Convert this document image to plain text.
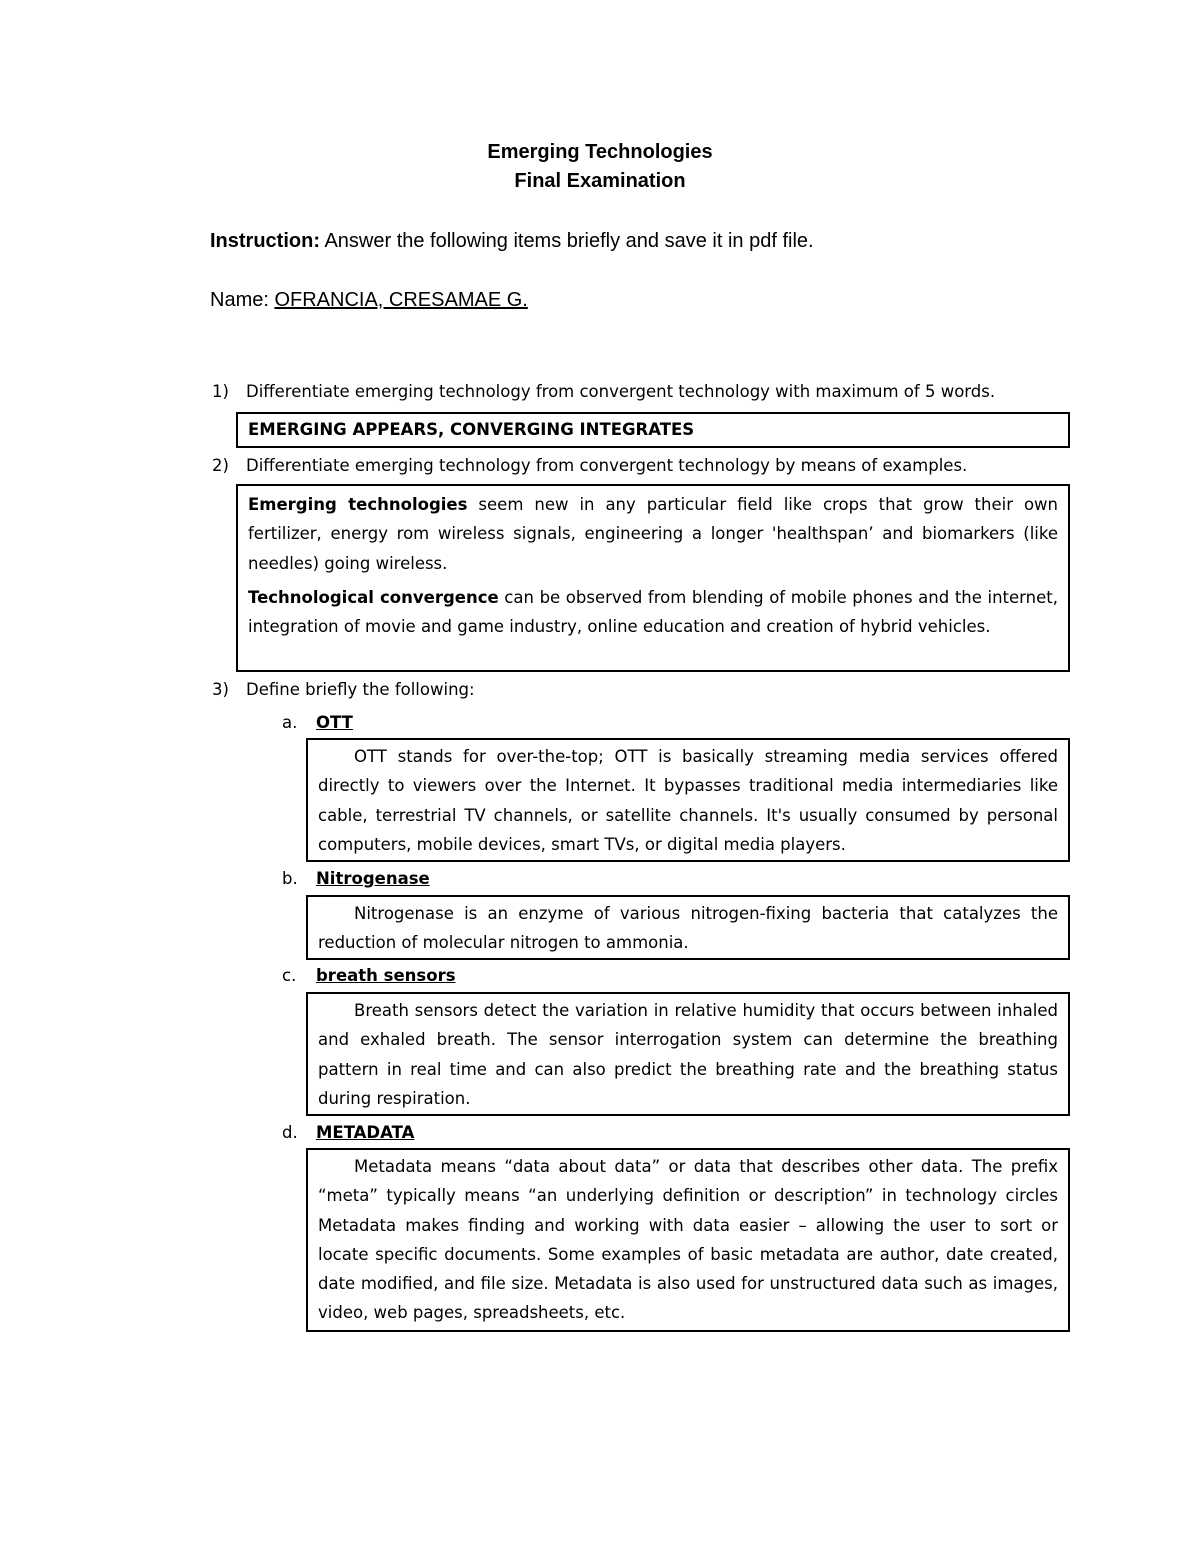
Emerging Technologies
Final Examination
Instruction: Answer the following items briefly and save it in pdf file.
Name: OFRANCIA, CRESAMAE G.
1) Differentiate emerging technology from convergent technology with maximum of 5 words.

EMERGING APPEARS, CONVERGING INTEGRATES

2) Differentiate emerging technology from convergent technology by means of examples.

Emerging technologies seem new in any particular field like crops that grow their own fertilizer, energy rom wireless signals, engineering a longer 'healthspan’ and biomarkers (like needles) going wireless.

Technological convergence can be observed from blending of mobile phones and the internet, integration of movie and game industry, online education and creation of hybrid vehicles.

3) Define briefly the following:
a. OTT

OTT stands for over-the-top; OTT is basically streaming media services offered directly to viewers over the Internet. It bypasses traditional media intermediaries like cable, terrestrial TV channels, or satellite channels. It's usually consumed by personal computers, mobile devices, smart TVs, or digital media players.

b. Nitrogenase

Nitrogenase is an enzyme of various nitrogen-fixing bacteria that catalyzes the reduction of molecular nitrogen to ammonia.

c. breath sensors

Breath sensors detect the variation in relative humidity that occurs between inhaled and exhaled breath. The sensor interrogation system can determine the breathing pattern in real time and can also predict the breathing rate and the breathing status during respiration.

d. METADATA

Metadata means “data about data” or data that describes other data. The prefix “meta” typically means “an underlying definition or description” in technology circles Metadata makes finding and working with data easier – allowing the user to sort or locate specific documents. Some examples of basic metadata are author, date created, date modified, and file size. Metadata is also used for unstructured data such as images, video, web pages, spreadsheets, etc.
